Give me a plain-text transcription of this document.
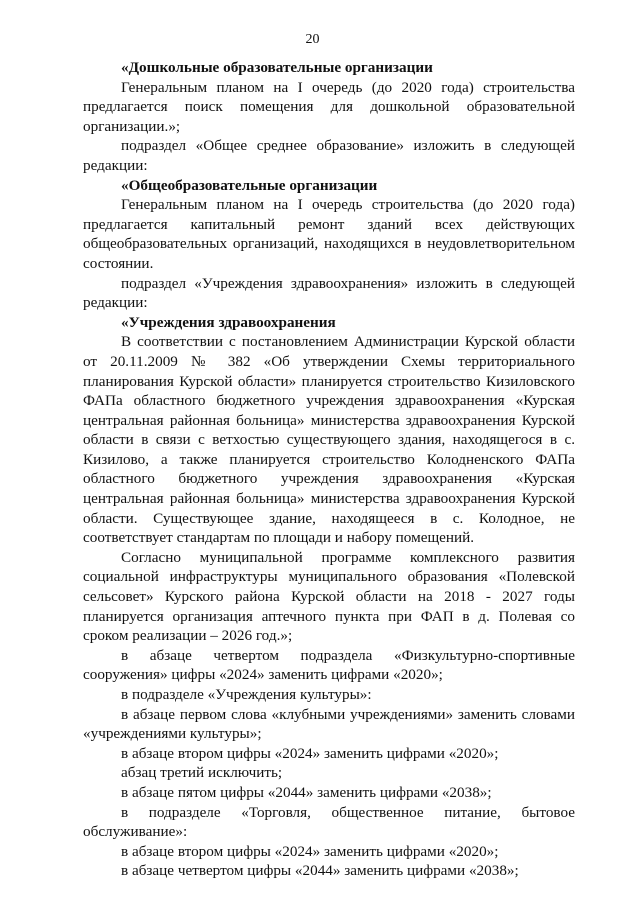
20

«Дошкольные образовательные организации

Генеральным планом на I очередь (до 2020 года) строительства предлагается поиск помещения для дошкольной образовательной организации.»;

подраздел «Общее среднее образование» изложить в следующей редакции:

«Общеобразовательные организации

Генеральным планом на I очередь строительства (до 2020 года) предлагается капитальный ремонт зданий всех действующих общеобразовательных организаций, находящихся в неудовлетворительном состоянии.

подраздел «Учреждения здравоохранения» изложить в следующей редакции:

«Учреждения здравоохранения

В соответствии с постановлением Администрации Курской области от 20.11.2009 № 382 «Об утверждении Схемы территориального планирования Курской области» планируется строительство Кизиловского ФАПа областного бюджетного учреждения здравоохранения «Курская центральная районная больница» министерства здравоохранения Курской области в связи с ветхостью существующего здания, находящегося в с. Кизилово, а также планируется строительство Колодненского ФАПа областного бюджетного учреждения здравоохранения «Курская центральная районная больница» министерства здравоохранения Курской области. Существующее здание, находящееся в с. Колодное, не соответствует стандартам по площади и набору помещений.

Согласно муниципальной программе комплексного развития социальной инфраструктуры муниципального образования «Полевской сельсовет» Курского района Курской области на 2018 - 2027 годы планируется организация аптечного пункта при ФАП в д. Полевая со сроком реализации – 2026 год.»;

в абзаце четвертом подраздела «Физкультурно-спортивные сооружения» цифры «2024» заменить цифрами «2020»;

в подразделе «Учреждения культуры»:

в абзаце первом слова «клубными учреждениями» заменить словами «учреждениями культуры»;

в абзаце втором цифры «2024» заменить цифрами «2020»;

абзац третий исключить;

в абзаце пятом цифры «2044» заменить цифрами «2038»;

в подразделе «Торговля, общественное питание, бытовое обслуживание»:

в абзаце втором цифры «2024» заменить цифрами «2020»;

в абзаце четвертом цифры «2044» заменить цифрами «2038»;
